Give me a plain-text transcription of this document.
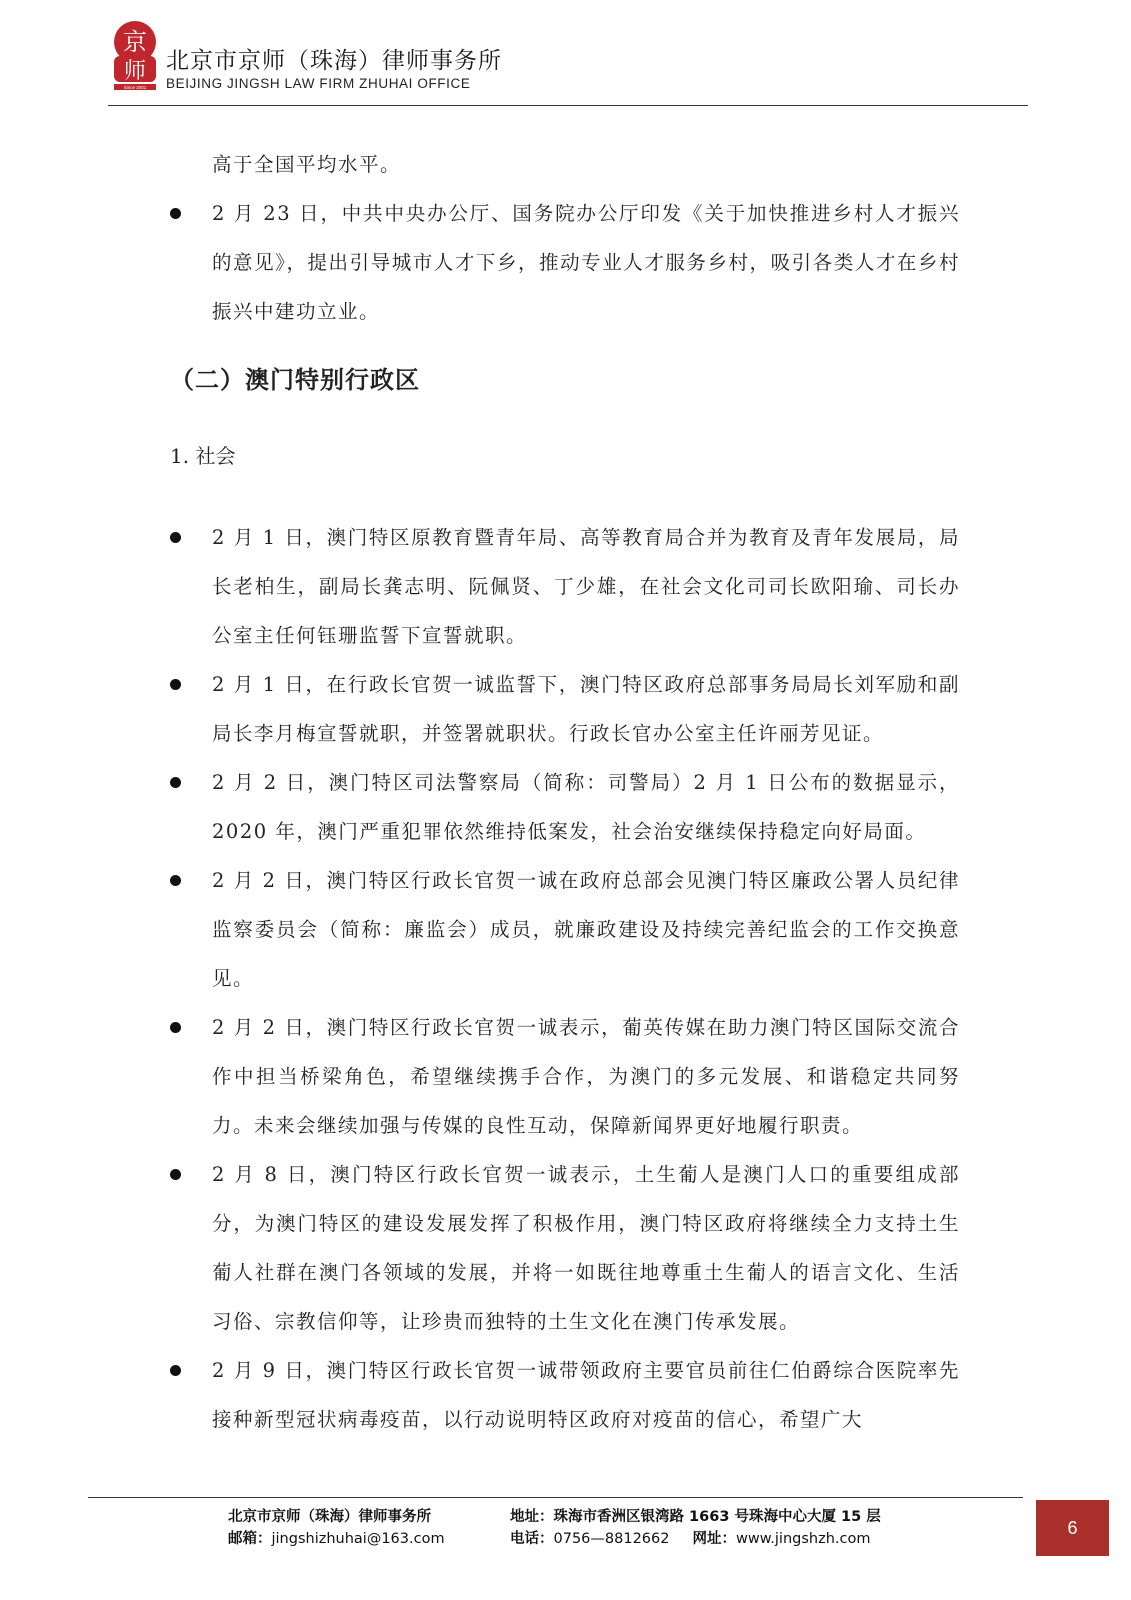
京
师
Since 2001
北京市京师（珠海）律师事务所
BEIJING JINGSH LAW FIRM ZHUHAI OFFICE
高于全国平均水平。
2 月 23 日，中共中央办公厅、国务院办公厅印发《关于加快推进乡村人才振兴的意见》，提出引导城市人才下乡，推动专业人才服务乡村，吸引各类人才在乡村振兴中建功立业。
（二）澳门特别行政区
1. 社会
2 月 1 日，澳门特区原教育暨青年局、高等教育局合并为教育及青年发展局，局长老柏生，副局长龚志明、阮佩贤、丁少雄，在社会文化司司长欧阳瑜、司长办公室主任何钰珊监誓下宣誓就职。
2 月 1 日，在行政长官贺一诚监誓下，澳门特区政府总部事务局局长刘军励和副局长李月梅宣誓就职，并签署就职状。行政长官办公室主任许丽芳见证。
2 月 2 日，澳门特区司法警察局（简称：司警局）2 月 1 日公布的数据显示，2020 年，澳门严重犯罪依然维持低案发，社会治安继续保持稳定向好局面。
2 月 2 日，澳门特区行政长官贺一诚在政府总部会见澳门特区廉政公署人员纪律监察委员会（简称：廉监会）成员，就廉政建设及持续完善纪监会的工作交换意见。
2 月 2 日，澳门特区行政长官贺一诚表示，葡英传媒在助力澳门特区国际交流合作中担当桥梁角色，希望继续携手合作，为澳门的多元发展、和谐稳定共同努力。未来会继续加强与传媒的良性互动，保障新闻界更好地履行职责。
2 月 8 日，澳门特区行政长官贺一诚表示，土生葡人是澳门人口的重要组成部分，为澳门特区的建设发展发挥了积极作用，澳门特区政府将继续全力支持土生葡人社群在澳门各领域的发展，并将一如既往地尊重土生葡人的语言文化、生活习俗、宗教信仰等，让珍贵而独特的土生文化在澳门传承发展。
2 月 9 日，澳门特区行政长官贺一诚带领政府主要官员前往仁伯爵综合医院率先接种新型冠状病毒疫苗，以行动说明特区政府对疫苗的信心，希望广大
北京市京师（珠海）律师事务所
邮箱：jingshizhuhai@163.com
地址：珠海市香洲区银湾路 1663 号珠海中心大厦 15 层
电话：0756—8812662 网址：www.jingshzh.com
6
